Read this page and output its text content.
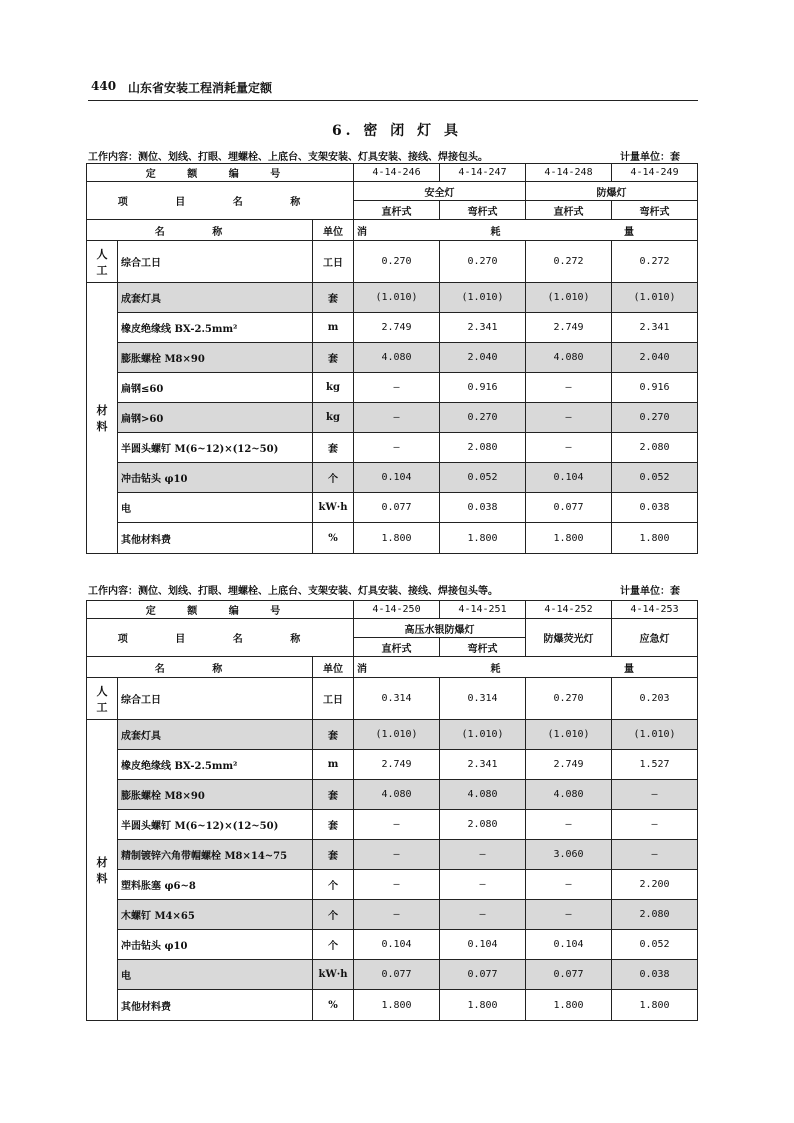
440 山东省安装工程消耗量定额
6. 密 闭 灯 具
工作内容：测位、划线、打眼、埋螺栓、上底台、支架安装、灯具安装、接线、焊接包头。	计量单位：套
定 额 编 号			4-14-246	4-14-247	4-14-248	4-14-249
项 目 名 称			安全灯		防爆灯	
			直杆式	弯杆式	直杆式	弯杆式
名 称		单位	消 耗 量			

人
工	综合工日	工日	0.270	0.270	0.272	0.272

材
料	成套灯具	套	(1.010)	(1.010)	(1.010)	(1.010)
	橡皮绝缘线 BX-2.5mm²	m	2.749	2.341	2.749	2.341
	膨胀螺栓 M8×90	套	4.080	2.040	4.080	2.040
	扁钢≤60	kg	—	0.916	—	0.916
	扁钢>60	kg	—	0.270	—	0.270
	半圆头螺钉 M(6~12)×(12~50)	套	—	2.080	—	2.080
	冲击钻头 φ10	个	0.104	0.052	0.104	0.052
	电	kW·h	0.077	0.038	0.077	0.038
	其他材料费	%	1.800	1.800	1.800	1.800
工作内容：测位、划线、打眼、埋螺栓、上底台、支架安装、灯具安装、接线、焊接包头等。	计量单位：套
定 额 编 号			4-14-250	4-14-251	4-14-252	4-14-253
项 目 名 称			高压水银防爆灯		防爆荧光灯	应急灯
			直杆式	弯杆式		
名 称		单位	消 耗 量			

人
工	综合工日	工日	0.314	0.314	0.270	0.203

材
料	成套灯具	套	(1.010)	(1.010)	(1.010)	(1.010)
	橡皮绝缘线 BX-2.5mm²	m	2.749	2.341	2.749	1.527
	膨胀螺栓 M8×90	套	4.080	4.080	4.080	—
	半圆头螺钉 M(6~12)×(12~50)	套	—	2.080	—	—
	精制镀锌六角带帽螺栓 M8×14~75	套	—	—	3.060	—
	塑料胀塞 φ6~8	个	—	—	—	2.200
	木螺钉 M4×65	个	—	—	—	2.080
	冲击钻头 φ10	个	0.104	0.104	0.104	0.052
	电	kW·h	0.077	0.077	0.077	0.038
	其他材料费	%	1.800	1.800	1.800	1.800
